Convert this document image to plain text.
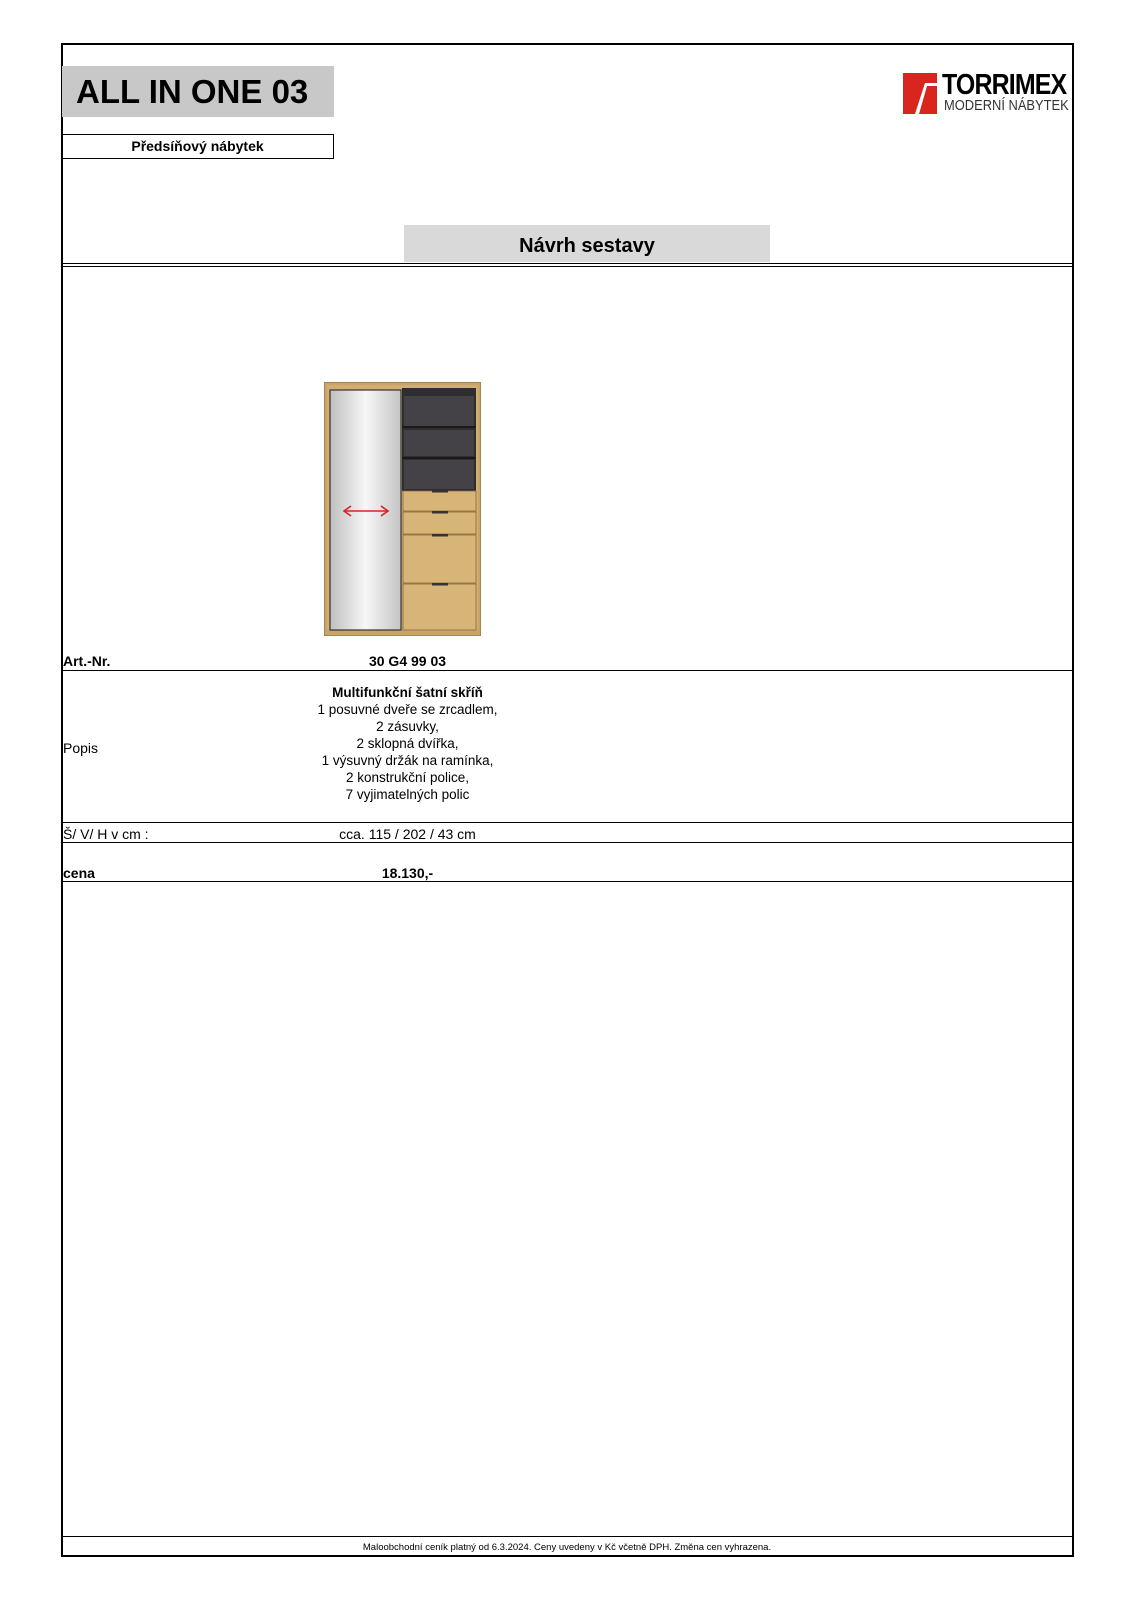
ALL IN ONE 03
Předsíňový nábytek
TORRIMEX
MODERNÍ NÁBYTEK
Návrh sestavy
Art.-Nr.	30 G4 99 03
Popis
Multifunkční šatní skříň
1 posuvné dveře se zrcadlem,
2 zásuvky,
2 sklopná dvířka,
1 výsuvný držák na ramínka,
2 konstrukční police,
7 vyjimatelných polic
Š/ V/ H v cm :	cca. 115 / 202 / 43 cm
cena	18.130,-
Maloobchodní ceník platný od 6.3.2024. Ceny uvedeny v Kč včetně DPH. Změna cen vyhrazena.
